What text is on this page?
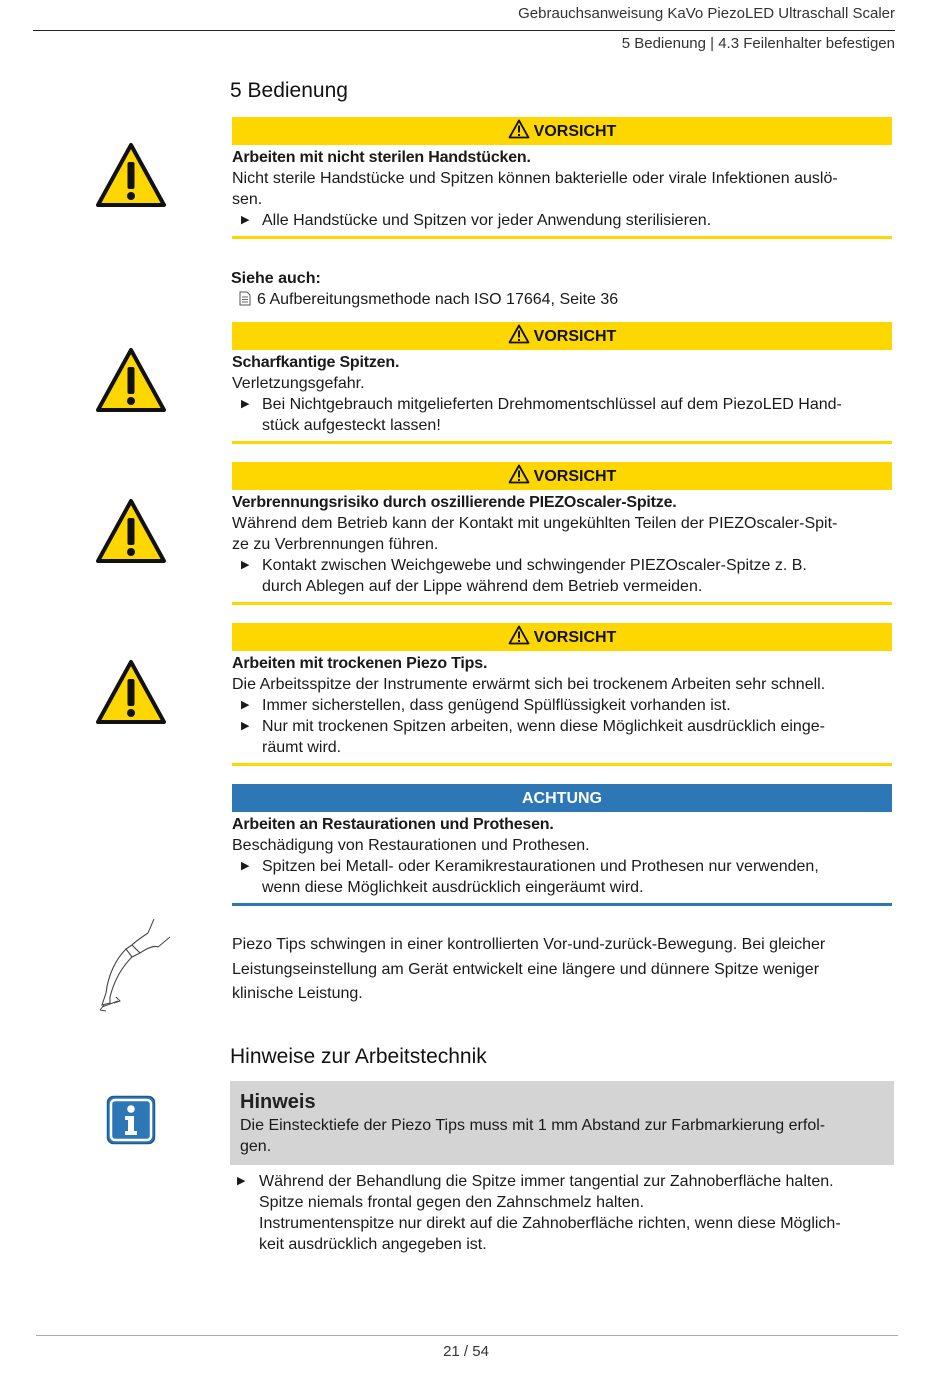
Gebrauchsanweisung KaVo PiezoLED Ultraschall Scaler
5 Bedienung | 4.3 Feilenhalter befestigen
5 Bedienung
VORSICHT
Arbeiten mit nicht sterilen Handstücken.
Nicht sterile Handstücke und Spitzen können bakterielle oder virale Infektionen auslö-
sen.
▶ Alle Handstücke und Spitzen vor jeder Anwendung sterilisieren.
Siehe auch:
6 Aufbereitungsmethode nach ISO 17664, Seite 36
VORSICHT
Scharfkantige Spitzen.
Verletzungsgefahr.
▶ Bei Nichtgebrauch mitgelieferten Drehmomentschlüssel auf dem PiezoLED Hand-
stück aufgesteckt lassen!
VORSICHT
Verbrennungsrisiko durch oszillierende PIEZOscaler-Spitze.
Während dem Betrieb kann der Kontakt mit ungekühlten Teilen der PIEZOscaler-Spit-
ze zu Verbrennungen führen.
▶ Kontakt zwischen Weichgewebe und schwingender PIEZOscaler-Spitze z. B.
durch Ablegen auf der Lippe während dem Betrieb vermeiden.
VORSICHT
Arbeiten mit trockenen Piezo Tips.
Die Arbeitsspitze der Instrumente erwärmt sich bei trockenem Arbeiten sehr schnell.
▶ Immer sicherstellen, dass genügend Spülflüssigkeit vorhanden ist.
▶ Nur mit trockenen Spitzen arbeiten, wenn diese Möglichkeit ausdrücklich einge-
räumt wird.
ACHTUNG
Arbeiten an Restaurationen und Prothesen.
Beschädigung von Restaurationen und Prothesen.
▶ Spitzen bei Metall- oder Keramikrestaurationen und Prothesen nur verwenden,
wenn diese Möglichkeit ausdrücklich eingeräumt wird.
Piezo Tips schwingen in einer kontrollierten Vor-und-zurück-Bewegung. Bei gleicher
Leistungseinstellung am Gerät entwickelt eine längere und dünnere Spitze weniger
klinische Leistung.
Hinweise zur Arbeitstechnik
Hinweis
Die Einstecktiefe der Piezo Tips muss mit 1 mm Abstand zur Farbmarkierung erfol-
gen.
▶ Während der Behandlung die Spitze immer tangential zur Zahnoberfläche halten.
Spitze niemals frontal gegen den Zahnschmelz halten.
Instrumentenspitze nur direkt auf die Zahnoberfläche richten, wenn diese Möglich-
keit ausdrücklich angegeben ist.
21 / 54
